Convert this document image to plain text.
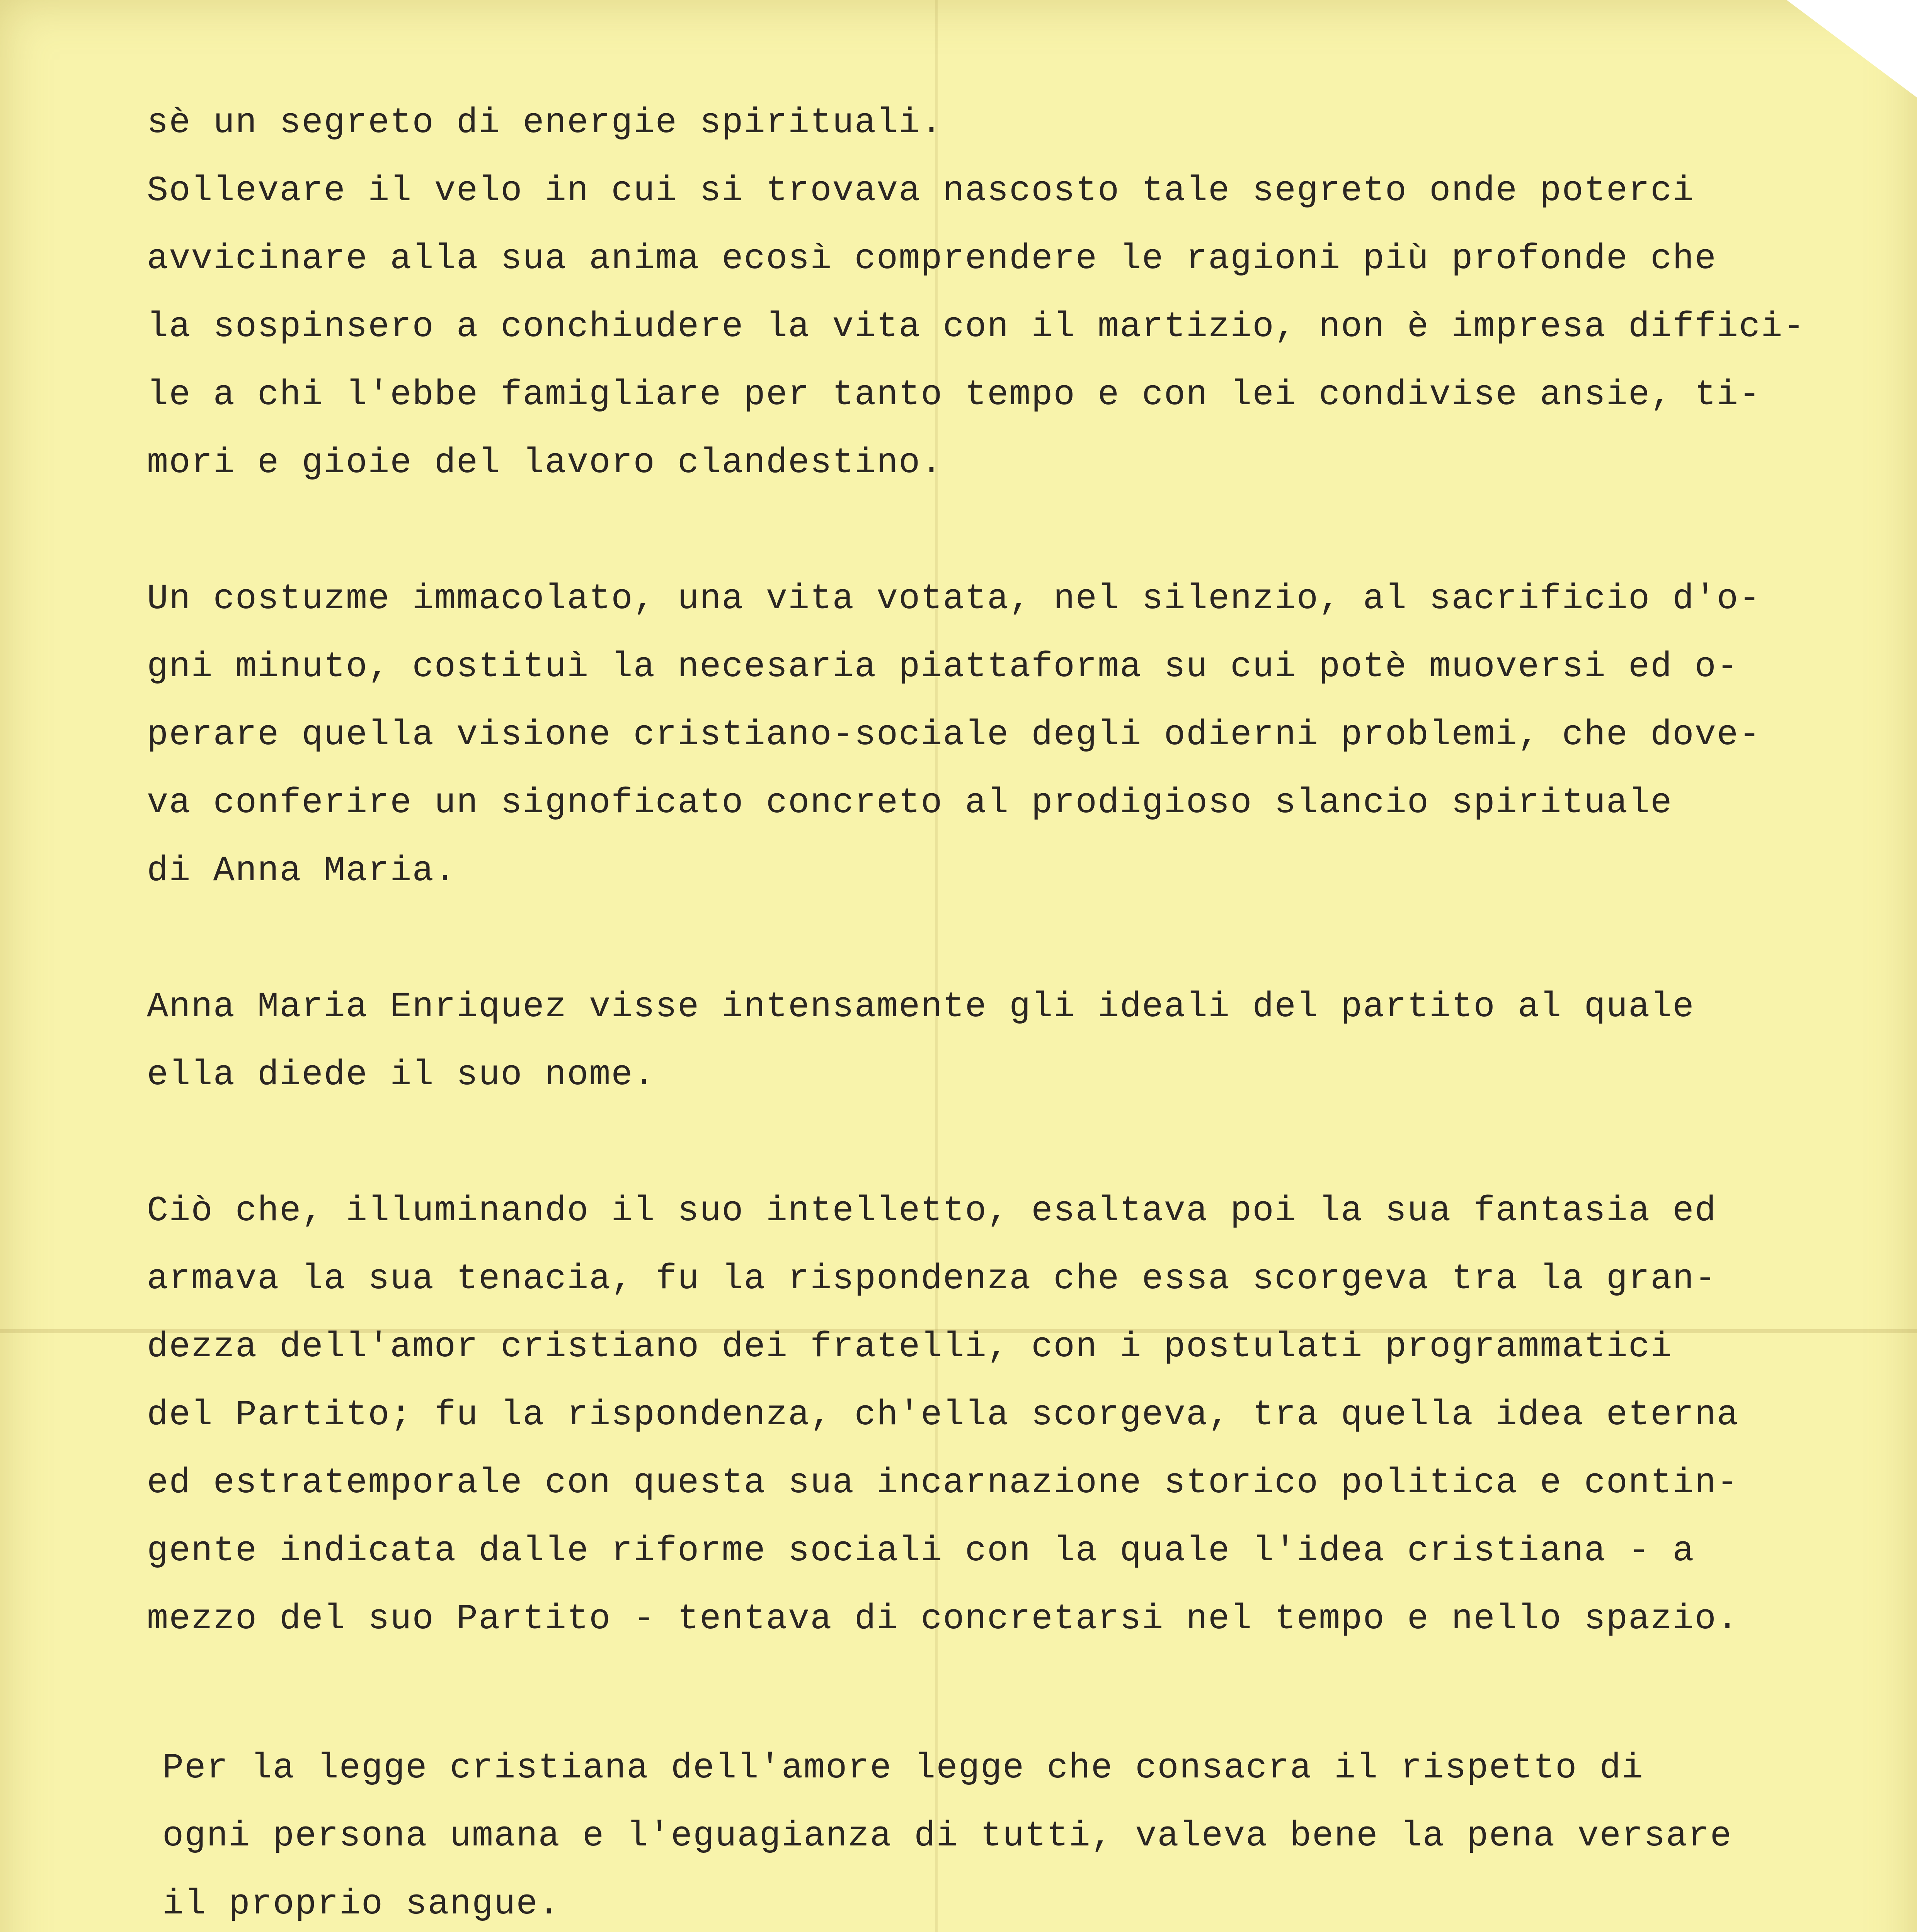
sè un segreto di energie spirituali.
Sollevare il velo in cui si trovava nascosto tale segreto onde poterci
avvicinare alla sua anima ecosì comprendere le ragioni più profonde che
la sospinsero a conchiudere la vita con il martizio, non è impresa diffici-
le a chi l'ebbe famigliare per tanto tempo e con lei condivise ansie, ti-
mori e gioie del lavoro clandestino.
Un costuzme immacolato, una vita votata, nel silenzio, al sacrificio d'o-
gni minuto, costituì la necesaria piattaforma su cui potè muoversi ed o-
perare quella visione cristiano-sociale degli odierni problemi, che dove-
va conferire un signoficato concreto al prodigioso slancio spirituale
di Anna Maria.
Anna Maria Enriquez visse intensamente gli ideali del partito al quale
ella diede il suo nome.
Ciò che, illuminando il suo intelletto, esaltava poi la sua fantasia ed
armava la sua tenacia, fu la rispondenza che essa scorgeva tra la gran-
dezza dell'amor cristiano dei fratelli, con i postulati programmatici
del Partito; fu la rispondenza, ch'ella scorgeva, tra quella idea eterna
ed estratemporale con questa sua incarnazione storico politica e contin-
gente indicata dalle riforme sociali con la quale l'idea cristiana - a
mezzo del suo Partito - tentava di concretarsi nel tempo e nello spazio.
Per la legge cristiana dell'amore legge che consacra il rispetto di
ogni persona umana e l'eguagianza di tutti, valeva bene la pena versare
il proprio sangue.
